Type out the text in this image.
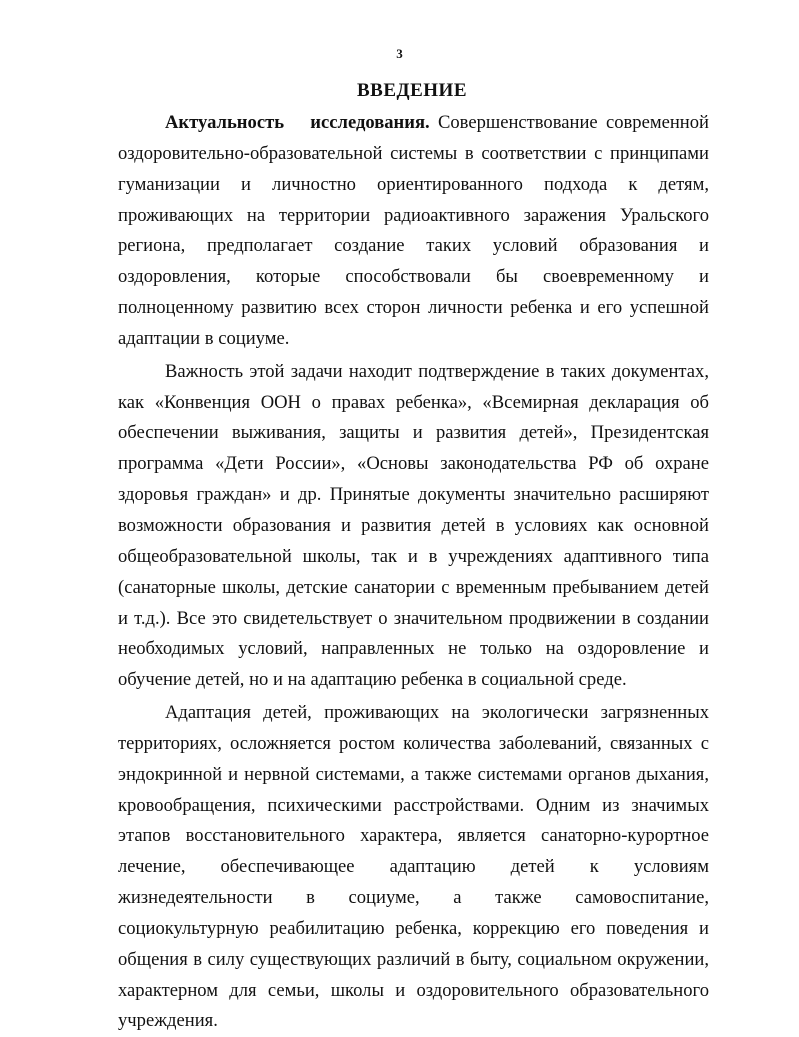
3
ВВЕДЕНИЕ

Актуальность исследования. Совершенствование современной оздоровительно-образовательной системы в соответствии с принципами гуманизации и личностно ориентированного подхода к детям, проживающих на территории радиоактивного заражения Уральского региона, предполагает создание таких условий образования и оздоровления, которые способствовали бы своевременному и полноценному развитию всех сторон личности ребенка и его успешной адаптации в социуме.

Важность этой задачи находит подтверждение в таких документах, как «Конвенция ООН о правах ребенка», «Всемирная декларация об обеспечении выживания, защиты и развития детей», Президентская программа «Дети России», «Основы законодательства РФ об охране здоровья граждан» и др. Принятые документы значительно расширяют возможности образования и развития детей в условиях как основной общеобразовательной школы, так и в учреждениях адаптивного типа (санаторные школы, детские санатории с временным пребыванием детей и т.д.). Все это свидетельствует о значительном продвижении в создании необходимых условий, направленных не только на оздоровление и обучение детей, но и на адаптацию ребенка в социальной среде.

Адаптация детей, проживающих на экологически загрязненных территориях, осложняется ростом количества заболеваний, связанных с эндокринной и нервной системами, а также системами органов дыхания, кровообращения, психическими расстройствами. Одним из значимых этапов восстановительного характера, является санаторно-курортное лечение, обеспечивающее адаптацию детей к условиям жизнедеятельности в социуме, а также самовоспитание, социокультурную реабилитацию ребенка, коррекцию его поведения и общения в силу существующих различий в быту, социальном окружении, характерном для семьи, школы и оздоровительного образовательного учреждения.
